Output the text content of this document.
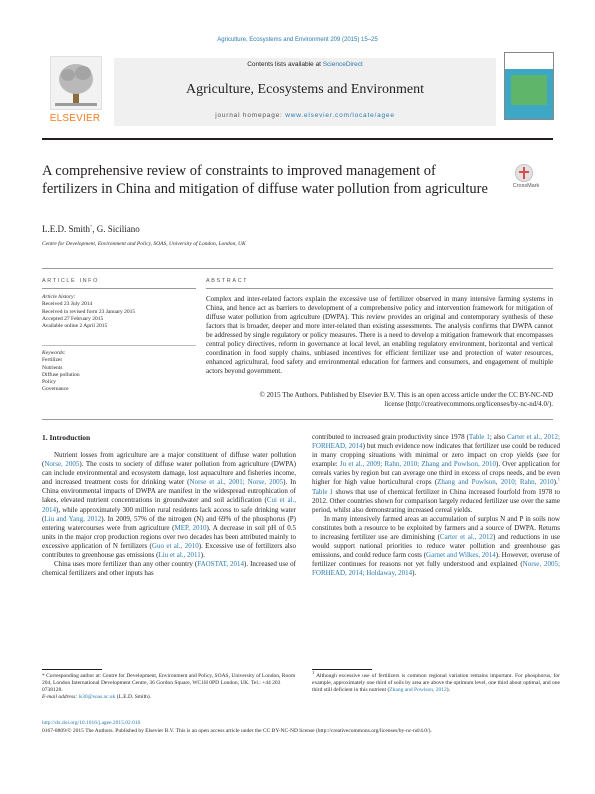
Agriculture, Ecosystems and Environment 209 (2015) 15–25
ELSEVIER
Contents lists available at ScienceDirect
Agriculture, Ecosystems and Environment
journal homepage: www.elsevier.com/locate/agee
A comprehensive review of constraints to improved management of fertilizers in China and mitigation of diffuse water pollution from agriculture	CrossMark
L.E.D. Smith*, G. Siciliano
Centre for Development, Environment and Policy, SOAS, University of London, London, UK
ARTICLE INFO	ABSTRACT
Article history:
Received 23 July 2014
Received in revised form 23 January 2015
Accepted 27 February 2015
Available online 2 April 2015
Keywords:
Fertilizer
Nutrients
Diffuse pollution
Policy
Governance
Complex and inter-related factors explain the excessive use of fertilizer observed in many intensive farming systems in China, and hence act as barriers to development of a comprehensive policy and intervention framework for mitigation of diffuse water pollution from agriculture (DWPA). This review provides an original and contemporary synthesis of these factors that is broader, deeper and more inter-related than existing assessments. The analysis confirms that DWPA cannot be addressed by single regulatory or policy measures. There is a need to develop a mitigation framework that encompasses central policy directives, reform in governance at local level, an enabling regulatory environment, horizontal and vertical coordination in food supply chains, unbiased incentives for efficient fertilizer use and protection of water resources, enhanced agricultural, food safety and environmental education for farmers and consumers, and engagement of multiple actors beyond government.
© 2015 The Authors. Published by Elsevier B.V. This is an open access article under the CC BY-NC-ND
license (http://creativecommons.org/licenses/by-nc-nd/4.0/).
1. Introduction

Nutrient losses from agriculture are a major constituent of diffuse water pollution (Norse, 2005). The costs to society of diffuse water pollution from agriculture (DWPA) can include environmental and ecosystem damage, lost aquaculture and fisheries income, and increased treatment costs for drinking water (Norse et al., 2001; Norse, 2005). In China environmental impacts of DWPA are manifest in the widespread eutrophication of lakes, elevated nutrient concentrations in groundwater and soil acidification (Cui et al., 2014), while approximately 300 million rural residents lack access to safe drinking water (Liu and Yang, 2012). In 2009, 57% of the nitrogen (N) and 69% of the phosphorus (P) entering watercourses were from agriculture (MEP, 2010). A decrease in soil pH of 0.5 units in the major crop production regions over two decades has been attributed mainly to excessive application of N fertilizers (Guo et al., 2010). Excessive use of fertilizers also contributes to greenhouse gas emissions (Liu et al., 2011).

China uses more fertilizer than any other country (FAOSTAT, 2014). Increased use of chemical fertilizers and other inputs has

contributed to increased grain productivity since 1978 (Table 1; also Carter et al., 2012; FORHEAD, 2014) but much evidence now indicates that fertilizer use could be reduced in many cropping situations with minimal or zero impact on crop yields (see for example: Ju et al., 2009; Rahn, 2010; Zhang and Powlson, 2010). Over application for cereals varies by region but can average one third in excess of crops needs, and be even higher for high value horticultural crops (Zhang and Powlson, 2010; Rahn, 2010).$^1$ Table 1 shows that use of chemical fertilizer in China increased fourfold from 1978 to 2012. Other countries shown for comparison largely reduced fertilizer use over the same period, whilst also demonstrating increased cereal yields.

In many intensively farmed areas an accumulation of surplus N and P in soils now constitutes both a resource to be exploited by farmers and a source of DWPA. Returns to increasing fertilizer use are diminishing (Carter et al., 2012) and reductions in use would support national priorities to reduce water pollution and greenhouse gas emissions, and could reduce farm costs (Garnet and Wilkes, 2014). However, overuse of fertilizer continues for reasons not yet fully understood and explained (Norse, 2005; FORHEAD, 2014; Holdaway, 2014).

* Corresponding author at: Centre for Development, Environment and Policy, SOAS, University of London, Room 204, London International Development Centre, 36 Gordon Square, WC1H 0PD London, UK. Tel.: +44 203 0738128.
E-mail address: ls30@soas.ac.uk (L.E.D. Smith).
$^1$ Although excessive use of fertilizers is common regional variation remains important. For phosphorus, for example, approximately one third of soils by area are above the optimum level, one third about optimal, and one third still deficient in this nutrient (Zhang and Powlson, 2012).
http://dx.doi.org/10.1016/j.agee.2015.02.016
0167-8809/© 2015 The Authors. Published by Elsevier B.V. This is an open access article under the CC BY-NC-ND license (http://creativecommons.org/licenses/by-nc-nd/4.0/).
